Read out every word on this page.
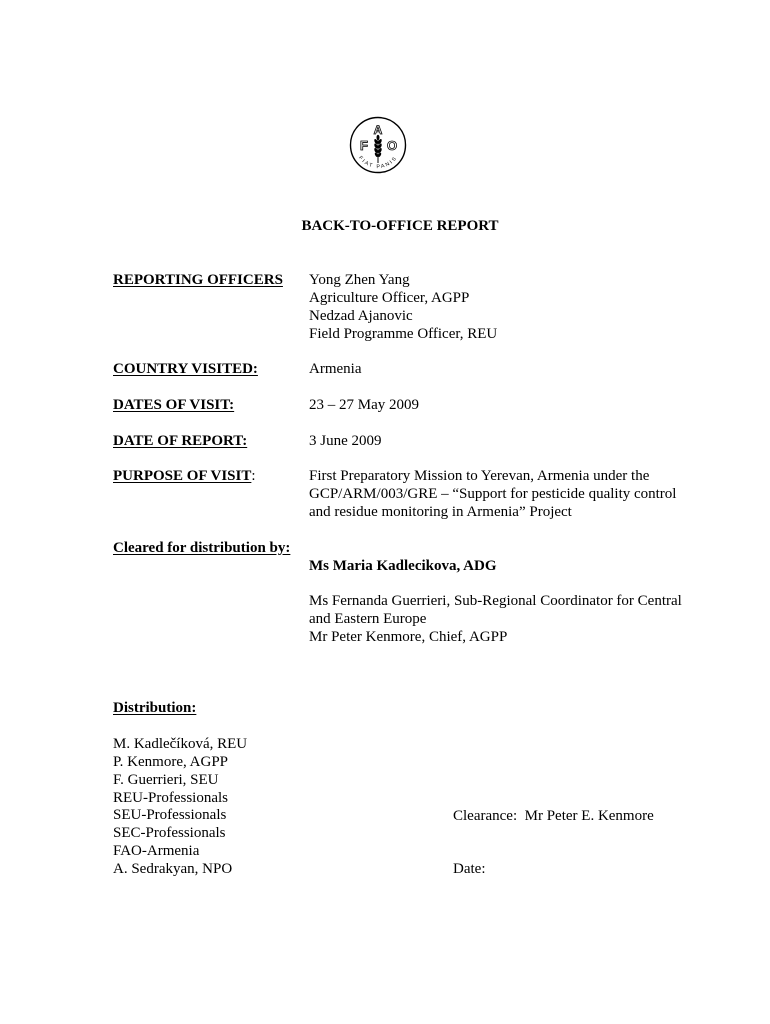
A
F O
FIAT PANIS
BACK-TO-OFFICE REPORT
REPORTING OFFICERS Yong Zhen Yang
Agriculture Officer, AGPP
Nedzad Ajanovic
Field Programme Officer, REU
COUNTRY VISITED:	Armenia
DATES OF VISIT:	23 – 27 May 2009
DATE OF REPORT:	3 June 2009
PURPOSE OF VISIT:	First Preparatory Mission to Yerevan, Armenia under the
GCP/ARM/003/GRE – “Support for pesticide quality control
and residue monitoring in Armenia” Project
Cleared for distribution by:
Ms Maria Kadlecikova, ADG
Ms Fernanda Guerrieri, Sub-Regional Coordinator for Central
and Eastern Europe
Mr Peter Kenmore, Chief, AGPP
Distribution:
M. Kadlečíková, REU
P. Kenmore, AGPP
F. Guerrieri, SEU
REU-Professionals
SEU-Professionals
SEC-Professionals
FAO-Armenia
A. Sedrakyan, NPO
Clearance:  Mr Peter E. Kenmore
Date:
